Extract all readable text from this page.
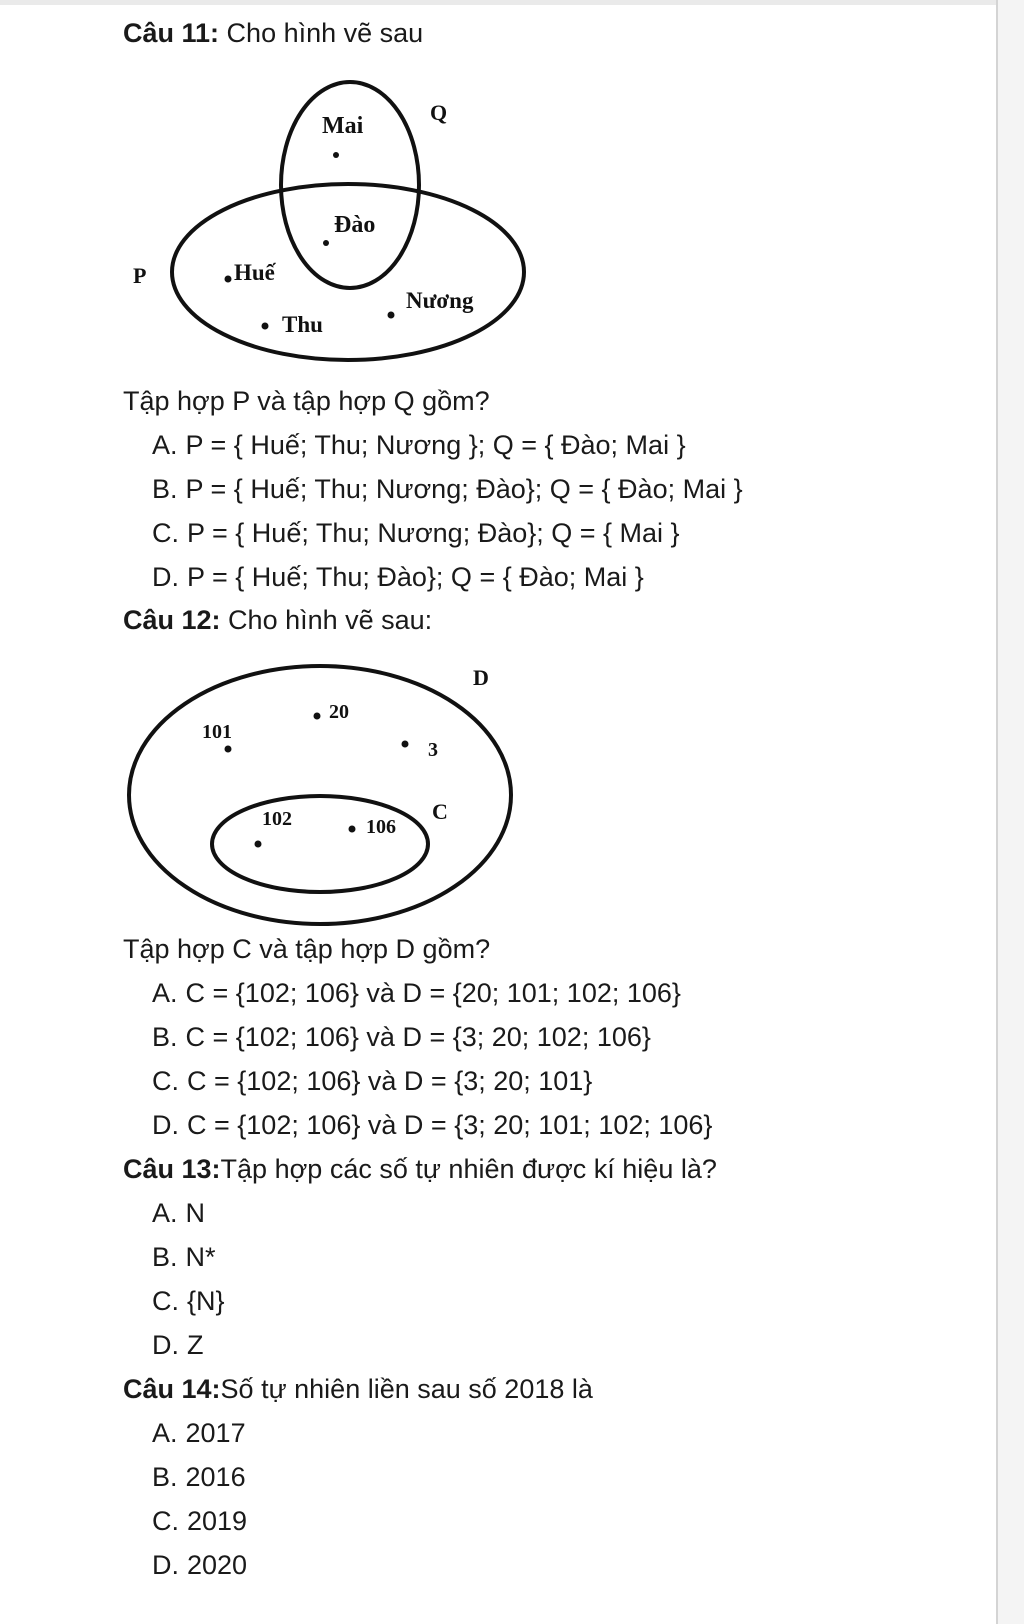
Câu 11: Cho hình vẽ sau
P
Q
Mai
Đào
Huế
Thu
Nương
Tập hợp P và tập hợp Q gồm?
A. P = { Huế; Thu; Nương }; Q = { Đào; Mai }
B. P = { Huế; Thu; Nương; Đào}; Q = { Đào; Mai }
C. P = { Huế; Thu; Nương; Đào}; Q = { Mai }
D. P = { Huế; Thu; Đào}; Q = { Đào; Mai }
Câu 12: Cho hình vẽ sau:
D
C
20
101
3
102	106
Tập hợp C và tập hợp D gồm?
A. C = {102; 106} và D = {20; 101; 102; 106}
B. C = {102; 106} và D = {3; 20; 102; 106}
C. C = {102; 106} và D = {3; 20; 101}
D. C = {102; 106} và D = {3; 20; 101; 102; 106}
Câu 13:Tập hợp các số tự nhiên được kí hiệu là?
A. N
B. N*
C. {N}
D. Z
Câu 14:Số tự nhiên liền sau số 2018 là
A. 2017
B. 2016
C. 2019
D. 2020
